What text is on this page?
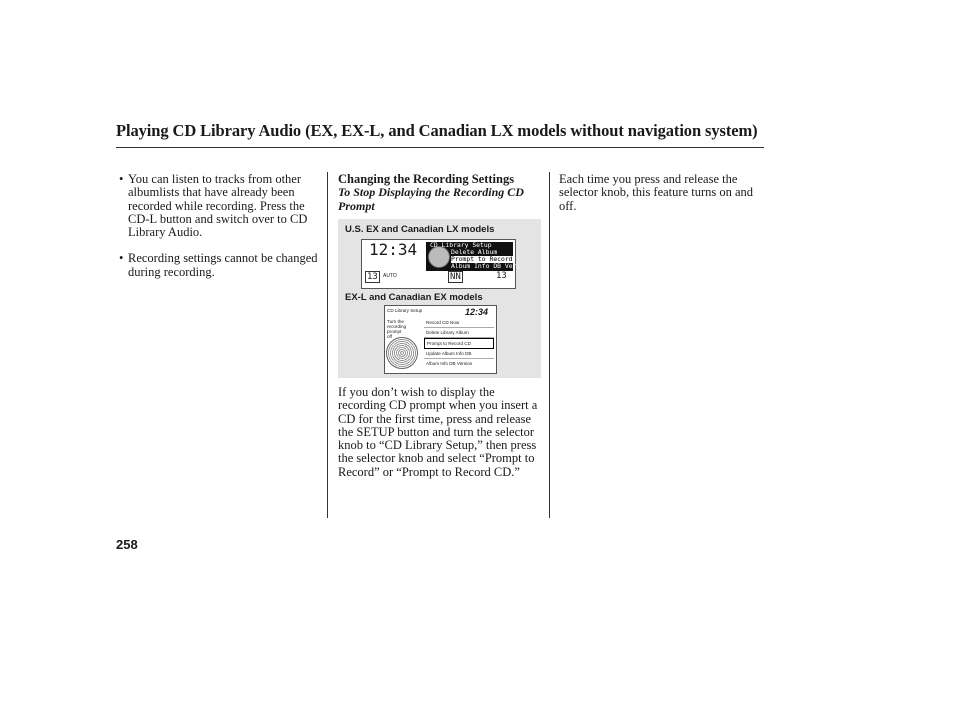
Playing CD Library Audio (EX, EX-L, and Canadian LX models without navigation system)
• You can listen to tracks from other albumlists that have already been recorded while recording. Press the CD-L button and switch over to CD Library Audio.
• Recording settings cannot be changed during recording.
Changing the Recording Settings
To Stop Displaying the Recording CD Prompt
U.S. EX and Canadian LX models
EX-L and Canadian EX models
12:34 CD Library Setup
Delete Album
Prompt to Record
Album Info DB Ver.
13	AUTO	NN	13
CD Library Setup	12:34
Turn the
recording
prompt
off
Record CD Now
Delete Library Album
Prompt to Record CD
Update Album Info DB
Album Info DB Version
If you don’t wish to display the recording CD prompt when you insert a CD for the first time, press and release the SETUP button and turn the selector knob to “CD Library Setup,” then press the selector knob and select “Prompt to Record” or “Prompt to Record CD.”
Each time you press and release the selector knob, this feature turns on and off.
258
